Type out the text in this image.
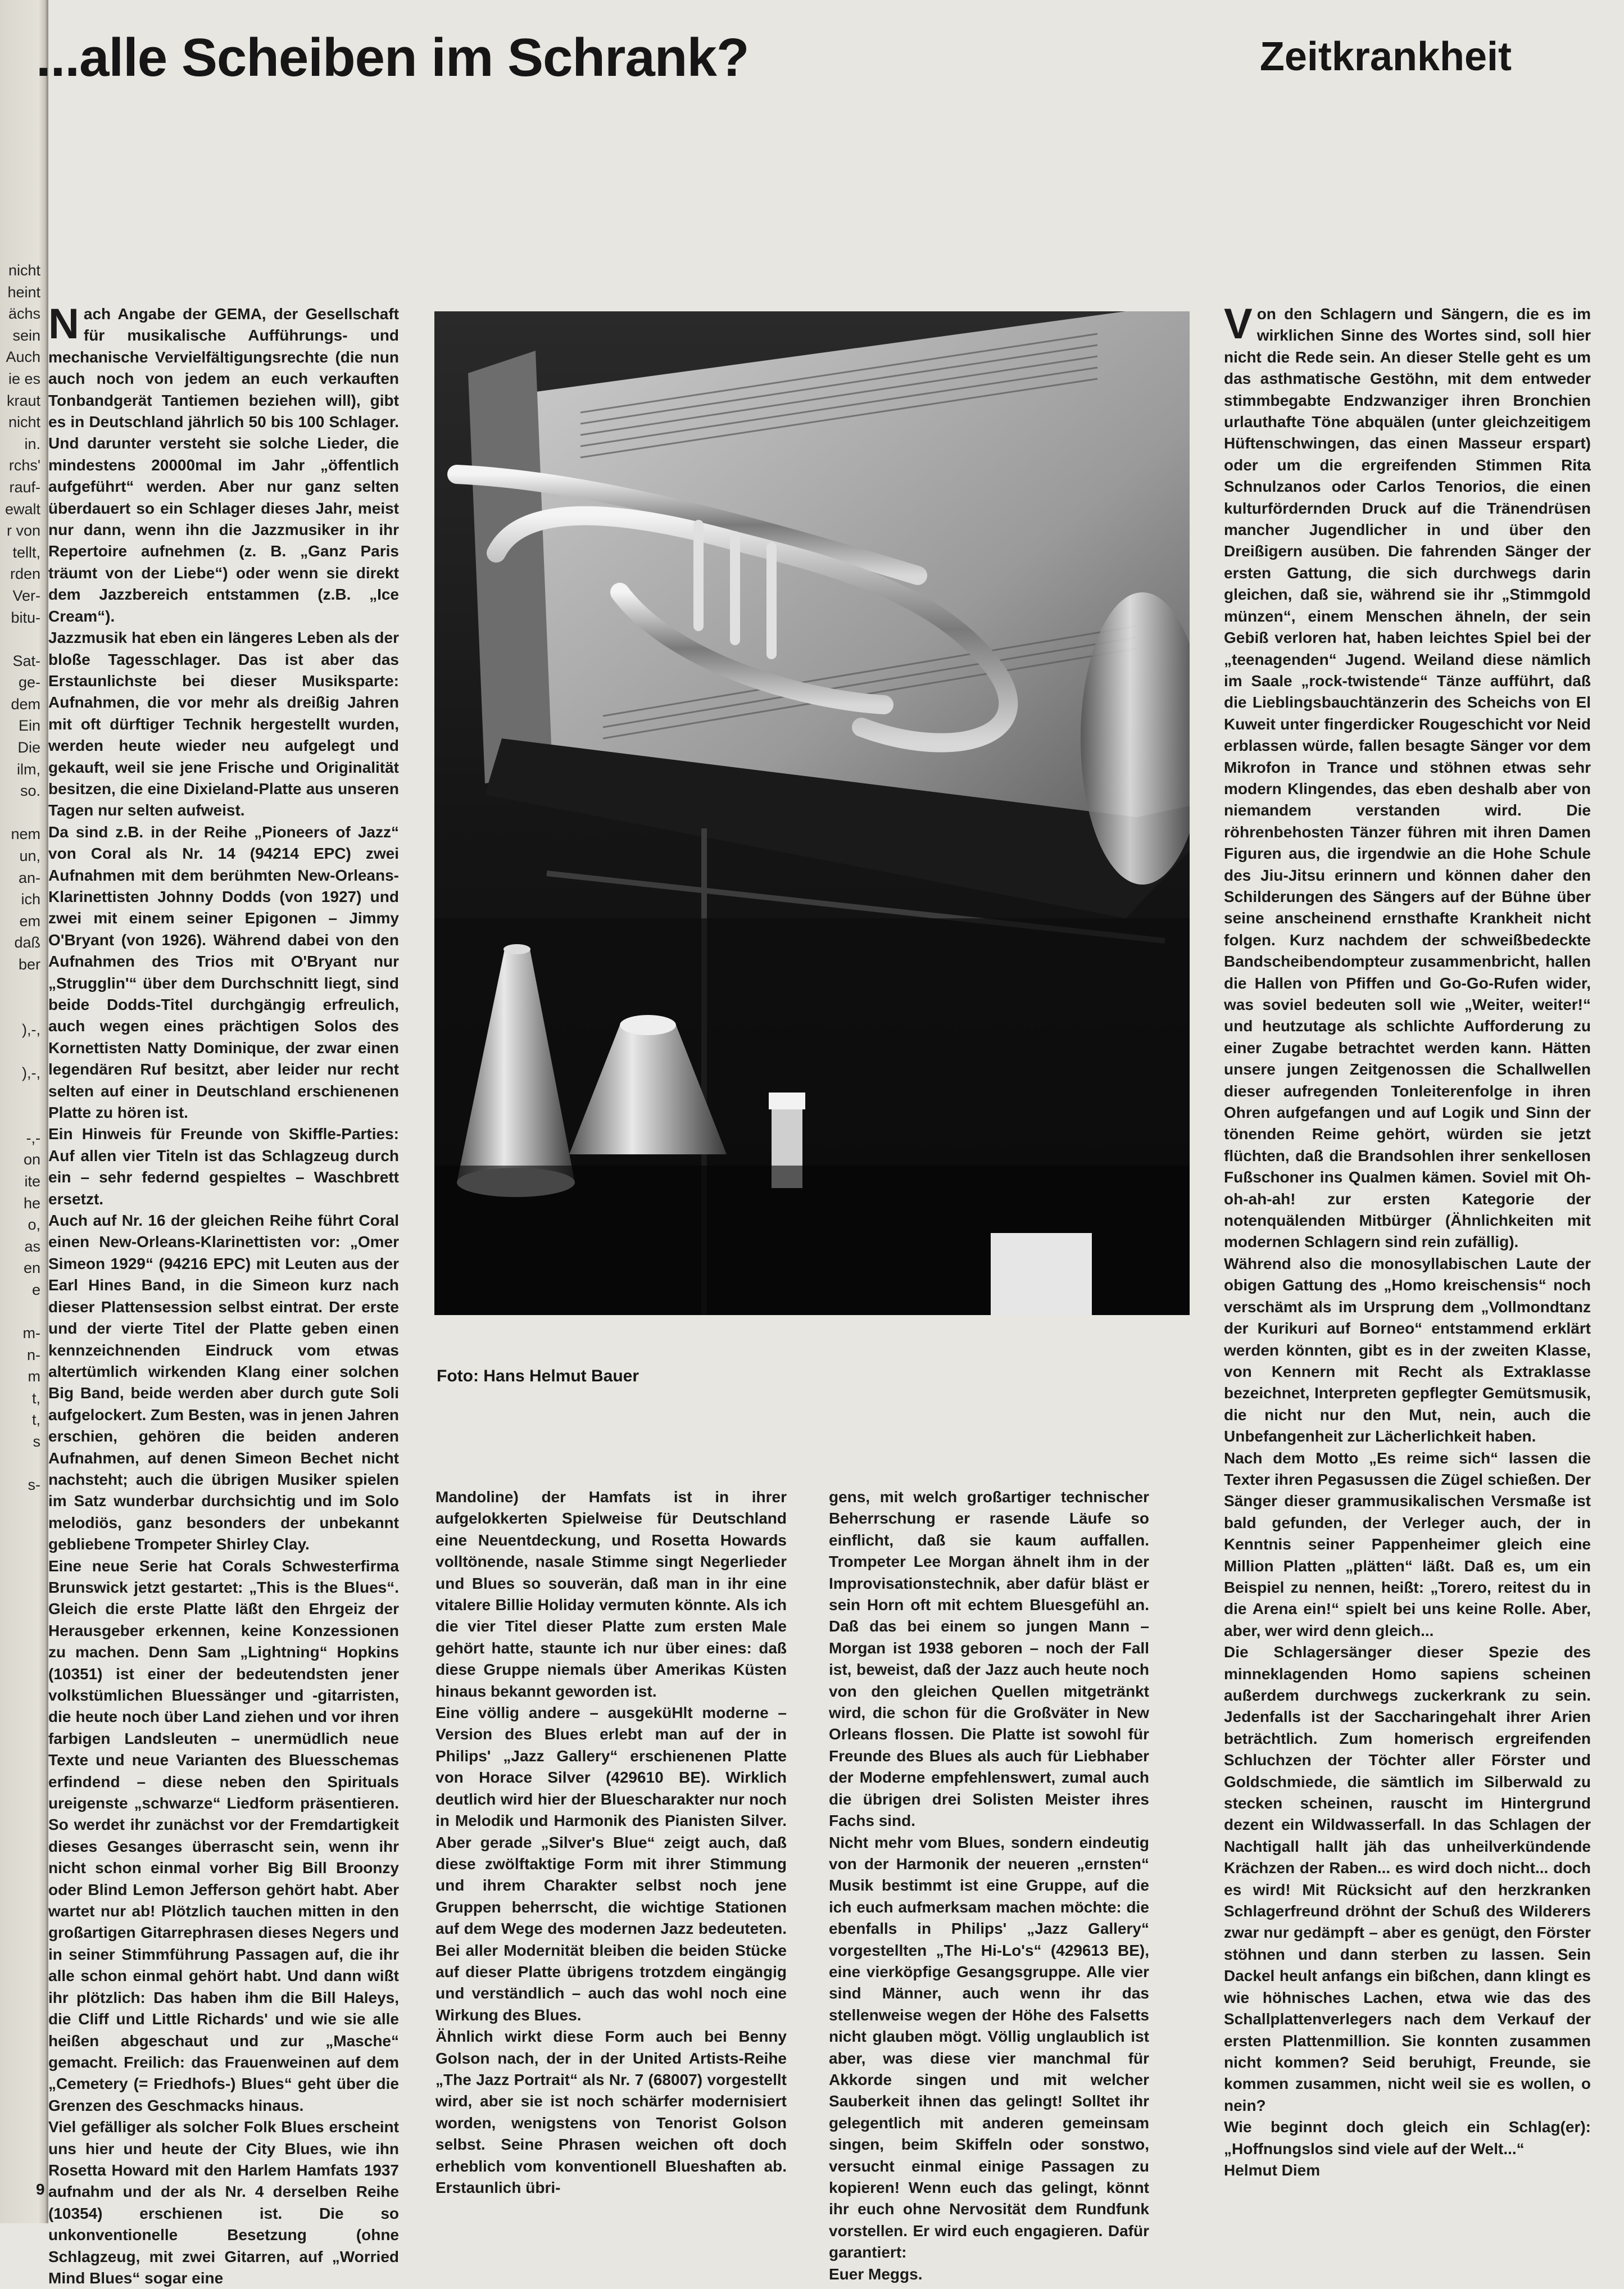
nicht
heint
ächs
sein
Auch
ie es
kraut
nicht
in.
rchs'
rauf-
ewalt
r von
tellt,
rden
Ver-
bitu-

Sat-
ge-
dem
Ein
Die
ilm,
so.

nem
un,
an-
ich
em
daß
ber

),-,

),-,

-,-
on
ite
he
o,
as
en
e

m-
n-
m
t,
t,
s

s-
...alle Scheiben im Schrank?	Zeitkrankheit

Nach Angabe der GEMA, der Gesellschaft für musikalische Aufführungs- und mechanische Vervielfältigungsrechte (die nun auch noch von jedem an euch verkauften Tonbandgerät Tantiemen beziehen will), gibt es in Deutschland jährlich 50 bis 100 Schlager. Und darunter versteht sie solche Lieder, die mindestens 20000mal im Jahr „öffentlich aufgeführt“ werden. Aber nur ganz selten überdauert so ein Schlager dieses Jahr, meist nur dann, wenn ihn die Jazzmusiker in ihr Repertoire aufnehmen (z. B. „Ganz Paris träumt von der Liebe“) oder wenn sie direkt dem Jazzbereich entstammen (z.B. „Ice Cream“).

Jazzmusik hat eben ein längeres Leben als der bloße Tagesschlager. Das ist aber das Erstaunlichste bei dieser Musiksparte: Aufnahmen, die vor mehr als dreißig Jahren mit oft dürftiger Technik hergestellt wurden, werden heute wieder neu aufgelegt und gekauft, weil sie jene Frische und Originalität besitzen, die eine Dixieland-Platte aus unseren Tagen nur selten aufweist.

Da sind z.B. in der Reihe „Pioneers of Jazz“ von Coral als Nr. 14 (94214 EPC) zwei Aufnahmen mit dem berühmten New-Orleans-Klarinettisten Johnny Dodds (von 1927) und zwei mit einem seiner Epigonen – Jimmy O'Bryant (von 1926). Während dabei von den Aufnahmen des Trios mit O'Bryant nur „Strugglin'“ über dem Durchschnitt liegt, sind beide Dodds-Titel durchgängig erfreulich, auch wegen eines prächtigen Solos des Kornettisten Natty Dominique, der zwar einen legendären Ruf besitzt, aber leider nur recht selten auf einer in Deutschland erschienenen Platte zu hören ist.

Ein Hinweis für Freunde von Skiffle-Parties: Auf allen vier Titeln ist das Schlagzeug durch ein – sehr federnd gespieltes – Waschbrett ersetzt.

Auch auf Nr. 16 der gleichen Reihe führt Coral einen New-Orleans-Klarinettisten vor: „Omer Simeon 1929“ (94216 EPC) mit Leuten aus der Earl Hines Band, in die Simeon kurz nach dieser Plattensession selbst eintrat. Der erste und der vierte Titel der Platte geben einen kennzeichnenden Eindruck vom etwas altertümlich wirkenden Klang einer solchen Big Band, beide werden aber durch gute Soli aufgelockert. Zum Besten, was in jenen Jahren erschien, gehören die beiden anderen Aufnahmen, auf denen Simeon Bechet nicht nachsteht; auch die übrigen Musiker spielen im Satz wunderbar durchsichtig und im Solo melodiös, ganz besonders der unbekannt gebliebene Trompeter Shirley Clay.

Eine neue Serie hat Corals Schwesterfirma Brunswick jetzt gestartet: „This is the Blues“. Gleich die erste Platte läßt den Ehrgeiz der Herausgeber erkennen, keine Konzessionen zu machen. Denn Sam „Lightning“ Hopkins (10351) ist einer der bedeutendsten jener volkstümlichen Bluessänger und -gitarristen, die heute noch über Land ziehen und vor ihren farbigen Landsleuten – unermüdlich neue Texte und neue Varianten des Bluesschemas erfindend – diese neben den Spirituals ureigenste „schwarze“ Liedform präsentieren. So werdet ihr zunächst vor der Fremdartigkeit dieses Gesanges überrascht sein, wenn ihr nicht schon einmal vorher Big Bill Broonzy oder Blind Lemon Jefferson gehört habt. Aber wartet nur ab! Plötzlich tauchen mitten in den großartigen Gitarrephrasen dieses Negers und in seiner Stimmführung Passagen auf, die ihr alle schon einmal gehört habt. Und dann wißt ihr plötzlich: Das haben ihm die Bill Haleys, die Cliff und Little Richards' und wie sie alle heißen abgeschaut und zur „Masche“ gemacht. Freilich: das Frauenweinen auf dem „Cemetery (= Friedhofs-) Blues“ geht über die Grenzen des Geschmacks hinaus.

Viel gefälliger als solcher Folk Blues erscheint uns hier und heute der City Blues, wie ihn Rosetta Howard mit den Harlem Hamfats 1937 aufnahm und der als Nr. 4 derselben Reihe (10354) erschienen ist. Die so unkonventionelle Besetzung (ohne Schlagzeug, mit zwei Gitarren, auf „Worried Mind Blues“ sogar eine

Foto: Hans Helmut Bauer

Mandoline) der Hamfats ist in ihrer aufgelokkerten Spielweise für Deutschland eine Neuentdeckung, und Rosetta Howards volltönende, nasale Stimme singt Negerlieder und Blues so souverän, daß man in ihr eine vitalere Billie Holiday vermuten könnte. Als ich die vier Titel dieser Platte zum ersten Male gehört hatte, staunte ich nur über eines: daß diese Gruppe niemals über Amerikas Küsten hinaus bekannt geworden ist.

Eine völlig andere – ausgeküHlt moderne – Version des Blues erlebt man auf der in Philips' „Jazz Gallery“ erschienenen Platte von Horace Silver (429610 BE). Wirklich deutlich wird hier der Bluescharakter nur noch in Melodik und Harmonik des Pianisten Silver. Aber gerade „Silver's Blue“ zeigt auch, daß diese zwölftaktige Form mit ihrer Stimmung und ihrem Charakter selbst noch jene Gruppen beherrscht, die wichtige Stationen auf dem Wege des modernen Jazz bedeuteten. Bei aller Modernität bleiben die beiden Stücke auf dieser Platte übrigens trotzdem eingängig und verständlich – auch das wohl noch eine Wirkung des Blues.

Ähnlich wirkt diese Form auch bei Benny Golson nach, der in der United Artists-Reihe „The Jazz Portrait“ als Nr. 7 (68007) vorgestellt wird, aber sie ist noch schärfer modernisiert worden, wenigstens von Tenorist Golson selbst. Seine Phrasen weichen oft doch erheblich vom konventionell Blueshaften ab. Erstaunlich übri-

gens, mit welch großartiger technischer Beherrschung er rasende Läufe so einflicht, daß sie kaum auffallen. Trompeter Lee Morgan ähnelt ihm in der Improvisationstechnik, aber dafür bläst er sein Horn oft mit echtem Bluesgefühl an. Daß das bei einem so jungen Mann – Morgan ist 1938 geboren – noch der Fall ist, beweist, daß der Jazz auch heute noch von den gleichen Quellen mitgetränkt wird, die schon für die Großväter in New Orleans flossen. Die Platte ist sowohl für Freunde des Blues als auch für Liebhaber der Moderne empfehlenswert, zumal auch die übrigen drei Solisten Meister ihres Fachs sind.

Nicht mehr vom Blues, sondern eindeutig von der Harmonik der neueren „ernsten“ Musik bestimmt ist eine Gruppe, auf die ich euch aufmerksam machen möchte: die ebenfalls in Philips' „Jazz Gallery“ vorgestellten „The Hi-Lo's“ (429613 BE), eine vierköpfige Gesangsgruppe. Alle vier sind Männer, auch wenn ihr das stellenweise wegen der Höhe des Falsetts nicht glauben mögt. Völlig unglaublich ist aber, was diese vier manchmal für Akkorde singen und mit welcher Sauberkeit ihnen das gelingt! Solltet ihr gelegentlich mit anderen gemeinsam singen, beim Skiffeln oder sonstwo, versucht einmal einige Passagen zu kopieren! Wenn euch das gelingt, könnt ihr euch ohne Nervosität dem Rundfunk vorstellen. Er wird euch engagieren. Dafür garantiert:

Euer Meggs.

Von den Schlagern und Sängern, die es im wirklichen Sinne des Wortes sind, soll hier nicht die Rede sein. An dieser Stelle geht es um das asthmatische Gestöhn, mit dem entweder stimmbegabte Endzwanziger ihren Bronchien urlauthafte Töne abquälen (unter gleichzeitigem Hüftenschwingen, das einen Masseur erspart) oder um die ergreifenden Stimmen Rita Schnulzanos oder Carlos Tenorios, die einen kulturfördernden Druck auf die Tränendrüsen mancher Jugendlicher in und über den Dreißigern ausüben. Die fahrenden Sänger der ersten Gattung, die sich durchwegs darin gleichen, daß sie, während sie ihr „Stimmgold münzen“, einem Menschen ähneln, der sein Gebiß verloren hat, haben leichtes Spiel bei der „teenagenden“ Jugend. Weiland diese nämlich im Saale „rock-twistende“ Tänze aufführt, daß die Lieblingsbauchtänzerin des Scheichs von El Kuweit unter fingerdicker Rougeschicht vor Neid erblassen würde, fallen besagte Sänger vor dem Mikrofon in Trance und stöhnen etwas sehr modern Klingendes, das eben deshalb aber von niemandem verstanden wird. Die röhrenbehosten Tänzer führen mit ihren Damen Figuren aus, die irgendwie an die Hohe Schule des Jiu-Jitsu erinnern und können daher den Schilderungen des Sängers auf der Bühne über seine anscheinend ernsthafte Krankheit nicht folgen. Kurz nachdem der schweißbedeckte Bandscheibendompteur zusammenbricht, hallen die Hallen von Pfiffen und Go-Go-Rufen wider, was soviel bedeuten soll wie „Weiter, weiter!“ und heutzutage als schlichte Aufforderung zu einer Zugabe betrachtet werden kann. Hätten unsere jungen Zeitgenossen die Schallwellen dieser aufregenden Tonleiterenfolge in ihren Ohren aufgefangen und auf Logik und Sinn der tönenden Reime gehört, würden sie jetzt flüchten, daß die Brandsohlen ihrer senkellosen Fußschoner ins Qualmen kämen. Soviel mit Oh-oh-ah-ah! zur ersten Kategorie der notenquälenden Mitbürger (Ähnlichkeiten mit modernen Schlagern sind rein zufällig).

Während also die monosyllabischen Laute der obigen Gattung des „Homo kreischensis“ noch verschämt als im Ursprung dem „Vollmondtanz der Kurikuri auf Borneo“ entstammend erklärt werden könnten, gibt es in der zweiten Klasse, von Kennern mit Recht als Extraklasse bezeichnet, Interpreten gepflegter Gemütsmusik, die nicht nur den Mut, nein, auch die Unbefangenheit zur Lächerlichkeit haben.

Nach dem Motto „Es reime sich“ lassen die Texter ihren Pegasussen die Zügel schießen. Der Sänger dieser grammusikalischen Versmaße ist bald gefunden, der Verleger auch, der in Kenntnis seiner Pappenheimer gleich eine Million Platten „plätten“ läßt. Daß es, um ein Beispiel zu nennen, heißt: „Torero, reitest du in die Arena ein!“ spielt bei uns keine Rolle. Aber, aber, wer wird denn gleich...

Die Schlagersänger dieser Spezie des minneklagenden Homo sapiens scheinen außerdem durchwegs zuckerkrank zu sein. Jedenfalls ist der Saccharingehalt ihrer Arien beträchtlich. Zum homerisch ergreifenden Schluchzen der Töchter aller Förster und Goldschmiede, die sämtlich im Silberwald zu stecken scheinen, rauscht im Hintergrund dezent ein Wildwasserfall. In das Schlagen der Nachtigall hallt jäh das unheilverkündende Krächzen der Raben... es wird doch nicht... doch es wird! Mit Rücksicht auf den herzkranken Schlagerfreund dröhnt der Schuß des Wilderers zwar nur gedämpft – aber es genügt, den Förster stöhnen und dann sterben zu lassen. Sein Dackel heult anfangs ein bißchen, dann klingt es wie höhnisches Lachen, etwa wie das des Schallplattenverlegers nach dem Verkauf der ersten Plattenmillion. Sie konnten zusammen nicht kommen? Seid beruhigt, Freunde, sie kommen zusammen, nicht weil sie es wollen, o nein?

Wie beginnt doch gleich ein Schlag(er): „Hoffnungslos sind viele auf der Welt...“

Helmut Diem

9
